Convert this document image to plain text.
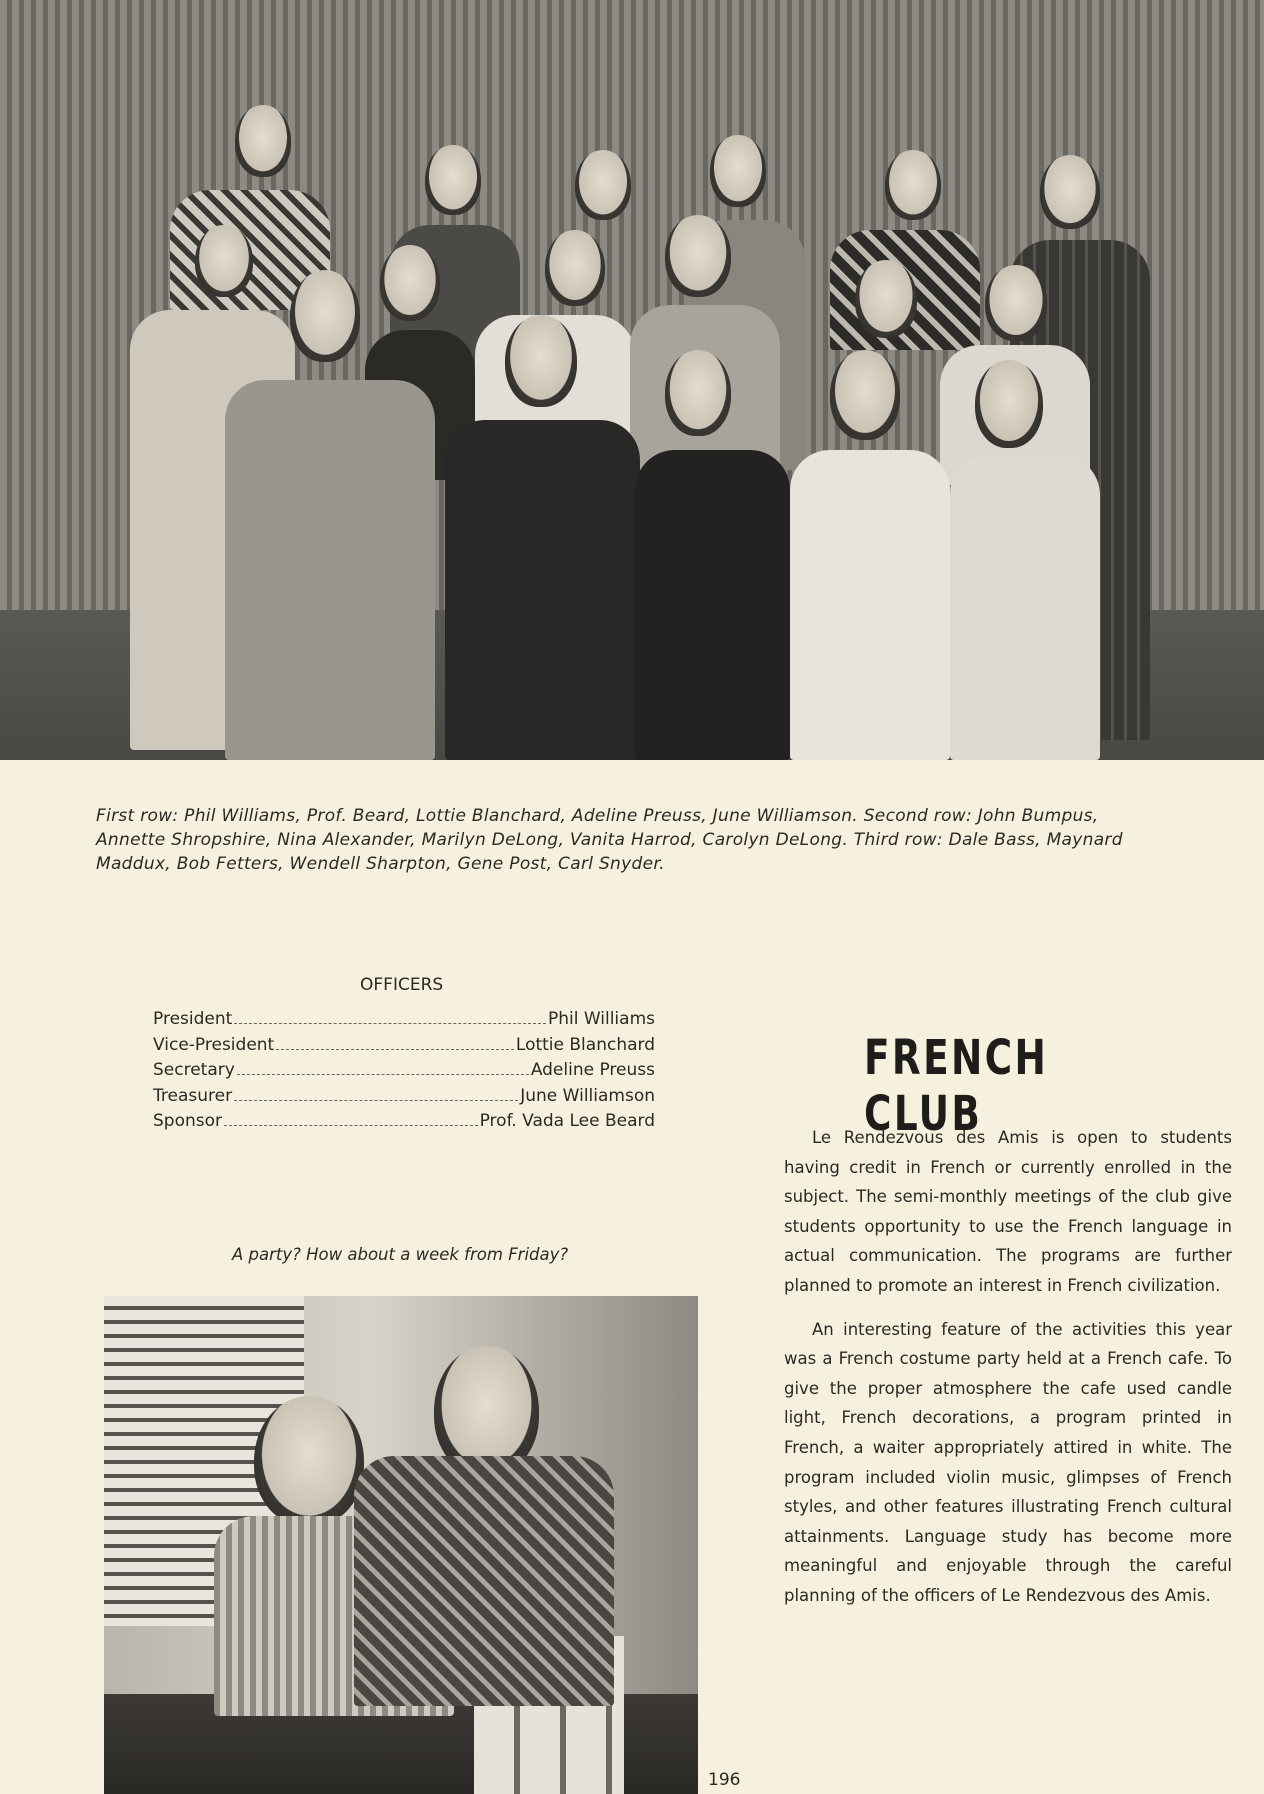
First row: Phil Williams, Prof. Beard, Lottie Blanchard, Adeline Preuss, June Williamson. Second row: John Bumpus, Annette Shropshire, Nina Alexander, Marilyn DeLong, Vanita Harrod, Carolyn DeLong. Third row: Dale Bass, Maynard Maddux, Bob Fetters, Wendell Sharpton, Gene Post, Carl Snyder.
OFFICERS
President	Phil Williams
Vice-President	Lottie Blanchard
Secretary	Adeline Preuss
Treasurer	June Williamson
Sponsor	Prof. Vada Lee Beard
A party? How about a week from Friday?
FRENCH CLUB

Le Rendezvous des Amis is open to students having credit in French or currently enrolled in the subject. The semi-monthly meetings of the club give students opportunity to use the French language in actual communication. The programs are further planned to promote an interest in French civilization.

An interesting feature of the activities this year was a French costume party held at a French cafe. To give the proper atmosphere the cafe used candle light, French decorations, a program printed in French, a waiter appropriately attired in white. The program included violin music, glimpses of French styles, and other features illustrating French cultural attainments. Language study has become more meaningful and enjoyable through the careful planning of the officers of Le Rendezvous des Amis.

196
